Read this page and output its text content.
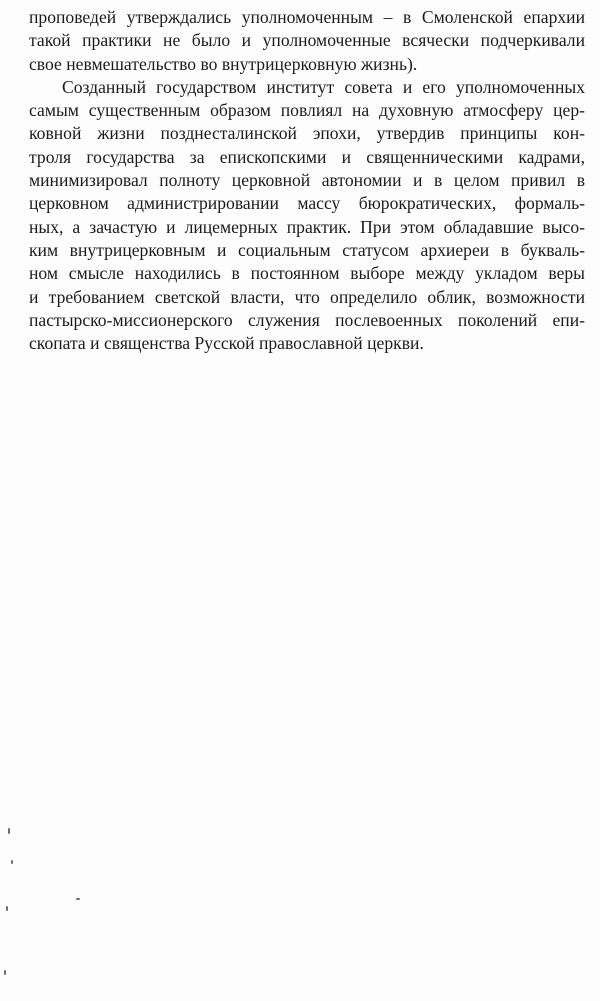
проповедей утверждались уполномоченным – в Смоленской епархии
такой практики не было и уполномоченные всячески подчеркивали
свое невмешательство во внутрицерковную жизнь).
Созданный государством институт совета и его уполномоченных
самым существенным образом повлиял на духовную атмосферу цер-
ковной жизни позднесталинской эпохи, утвердив принципы кон-
троля государства за епископскими и священническими кадрами,
минимизировал полноту церковной автономии и в целом привил в
церковном администрировании массу бюрократических, формаль-
ных, а зачастую и лицемерных практик. При этом обладавшие высо-
ким внутрицерковным и социальным статусом архиереи в букваль-
ном смысле находились в постоянном выборе между укладом веры
и требованием светской власти, что определило облик, возможности
пастырско-миссионерского служения послевоенных поколений епи-
скопата и священства Русской православной церкви.
